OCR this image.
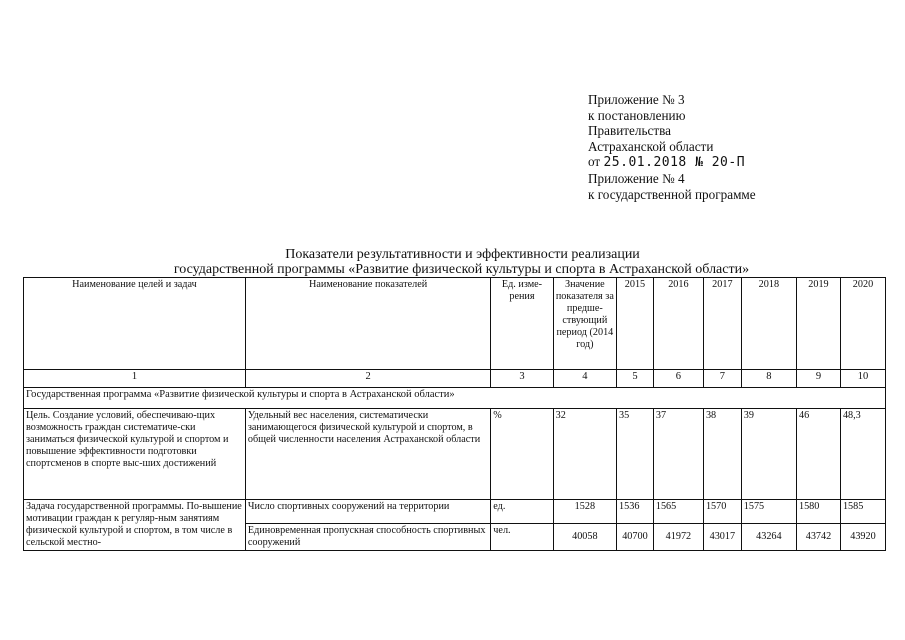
Приложение № 3
к постановлению
Правительства
Астраханской области
от 25.01.2018 № 20-П
Приложение № 4
к государственной программе
Показатели результативности и эффективности реализации
государственной программы «Развитие физической культуры и спорта в Астраханской области»
Наименование целей и задач	Наименование показателей	Ед. изме-рения	Значение показателя за предше-ствующий период (2014 год)	2015	2016	2017	2018	2019	2020
1	2	3	4	5	6	7	8	9	10
Государственная программа «Развитие физической культуры и спорта в Астраханской области»									
Цель. Создание условий, обеспечиваю-щих возможность граждан систематиче-ски заниматься физической культурой и спортом и повышение эффективности подготовки спортсменов в спорте выс-ших достижений	Удельный вес населения, систематически занимающегося физической культурой и спортом, в общей численности населения Астраханской области	%	32	35	37	38	39	46	48,3
Задача государственной программы. По-вышение мотивации граждан к регуляр-ным занятиям физической культурой и спортом, в том числе в сельской местно-	Число спортивных сооружений на территории	ед.	1528	1536	1565	1570	1575	1580	1585
	Единовременная пропускная способность спортивных сооружений	чел.	40058	40700	41972	43017	43264	43742	43920
